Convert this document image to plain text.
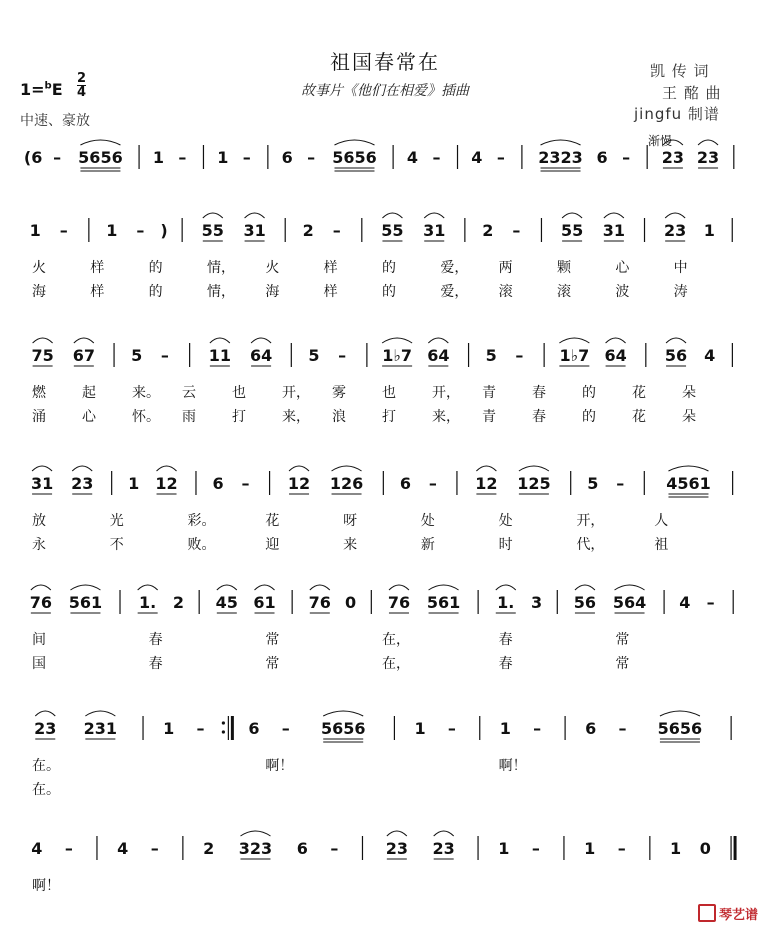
祖国春常在
故事片《他们在相爱》插曲
凯 传 词
王 酩 曲
jingfu 制谱
1=$^b$E
2
4
中速、豪放
渐慢
(6 – 5656 1 – 1 – 6 – 5656 4 – 4 – 2323 6 – 23 23
1 – 1 – ) 55 31 2 –	55 31 2 –	55 31 23 1
火	样	的	情， 火	样	的	爱， 两	颗	心	中
海	样	的	情， 海	样	的	爱， 滚	滚	波	涛
75 67 5 – 11 64 5 – 1♭7 64 5 – 1♭7 64 56 4
燃	起	来。 云	也	开， 雾	也	开， 青	春	的	花	朵
涌	心	怀。 雨	打	来， 浪	打	来， 青	春	的	花	朵
31 23 1 12 6 – 12 126 6 – 12 125 5 –	4561
放	光	彩。	花	呀	处	处	开，	人
永	不	败。	迎	来	新	时	代，	祖
76 561 1. 2 45 61 76 0 76 561 1. 3 56 564 4 –
间	春	常	在，	春	常
国	春	常	在，	春	常
23 231	1 –	6 – 5656	1 –	1 –	6 – 5656
在。	啊！	啊！
在。
4 –	4 –	2 323 6 –	23 23	1 –	1 –	1 0
啊！
琴艺谱
